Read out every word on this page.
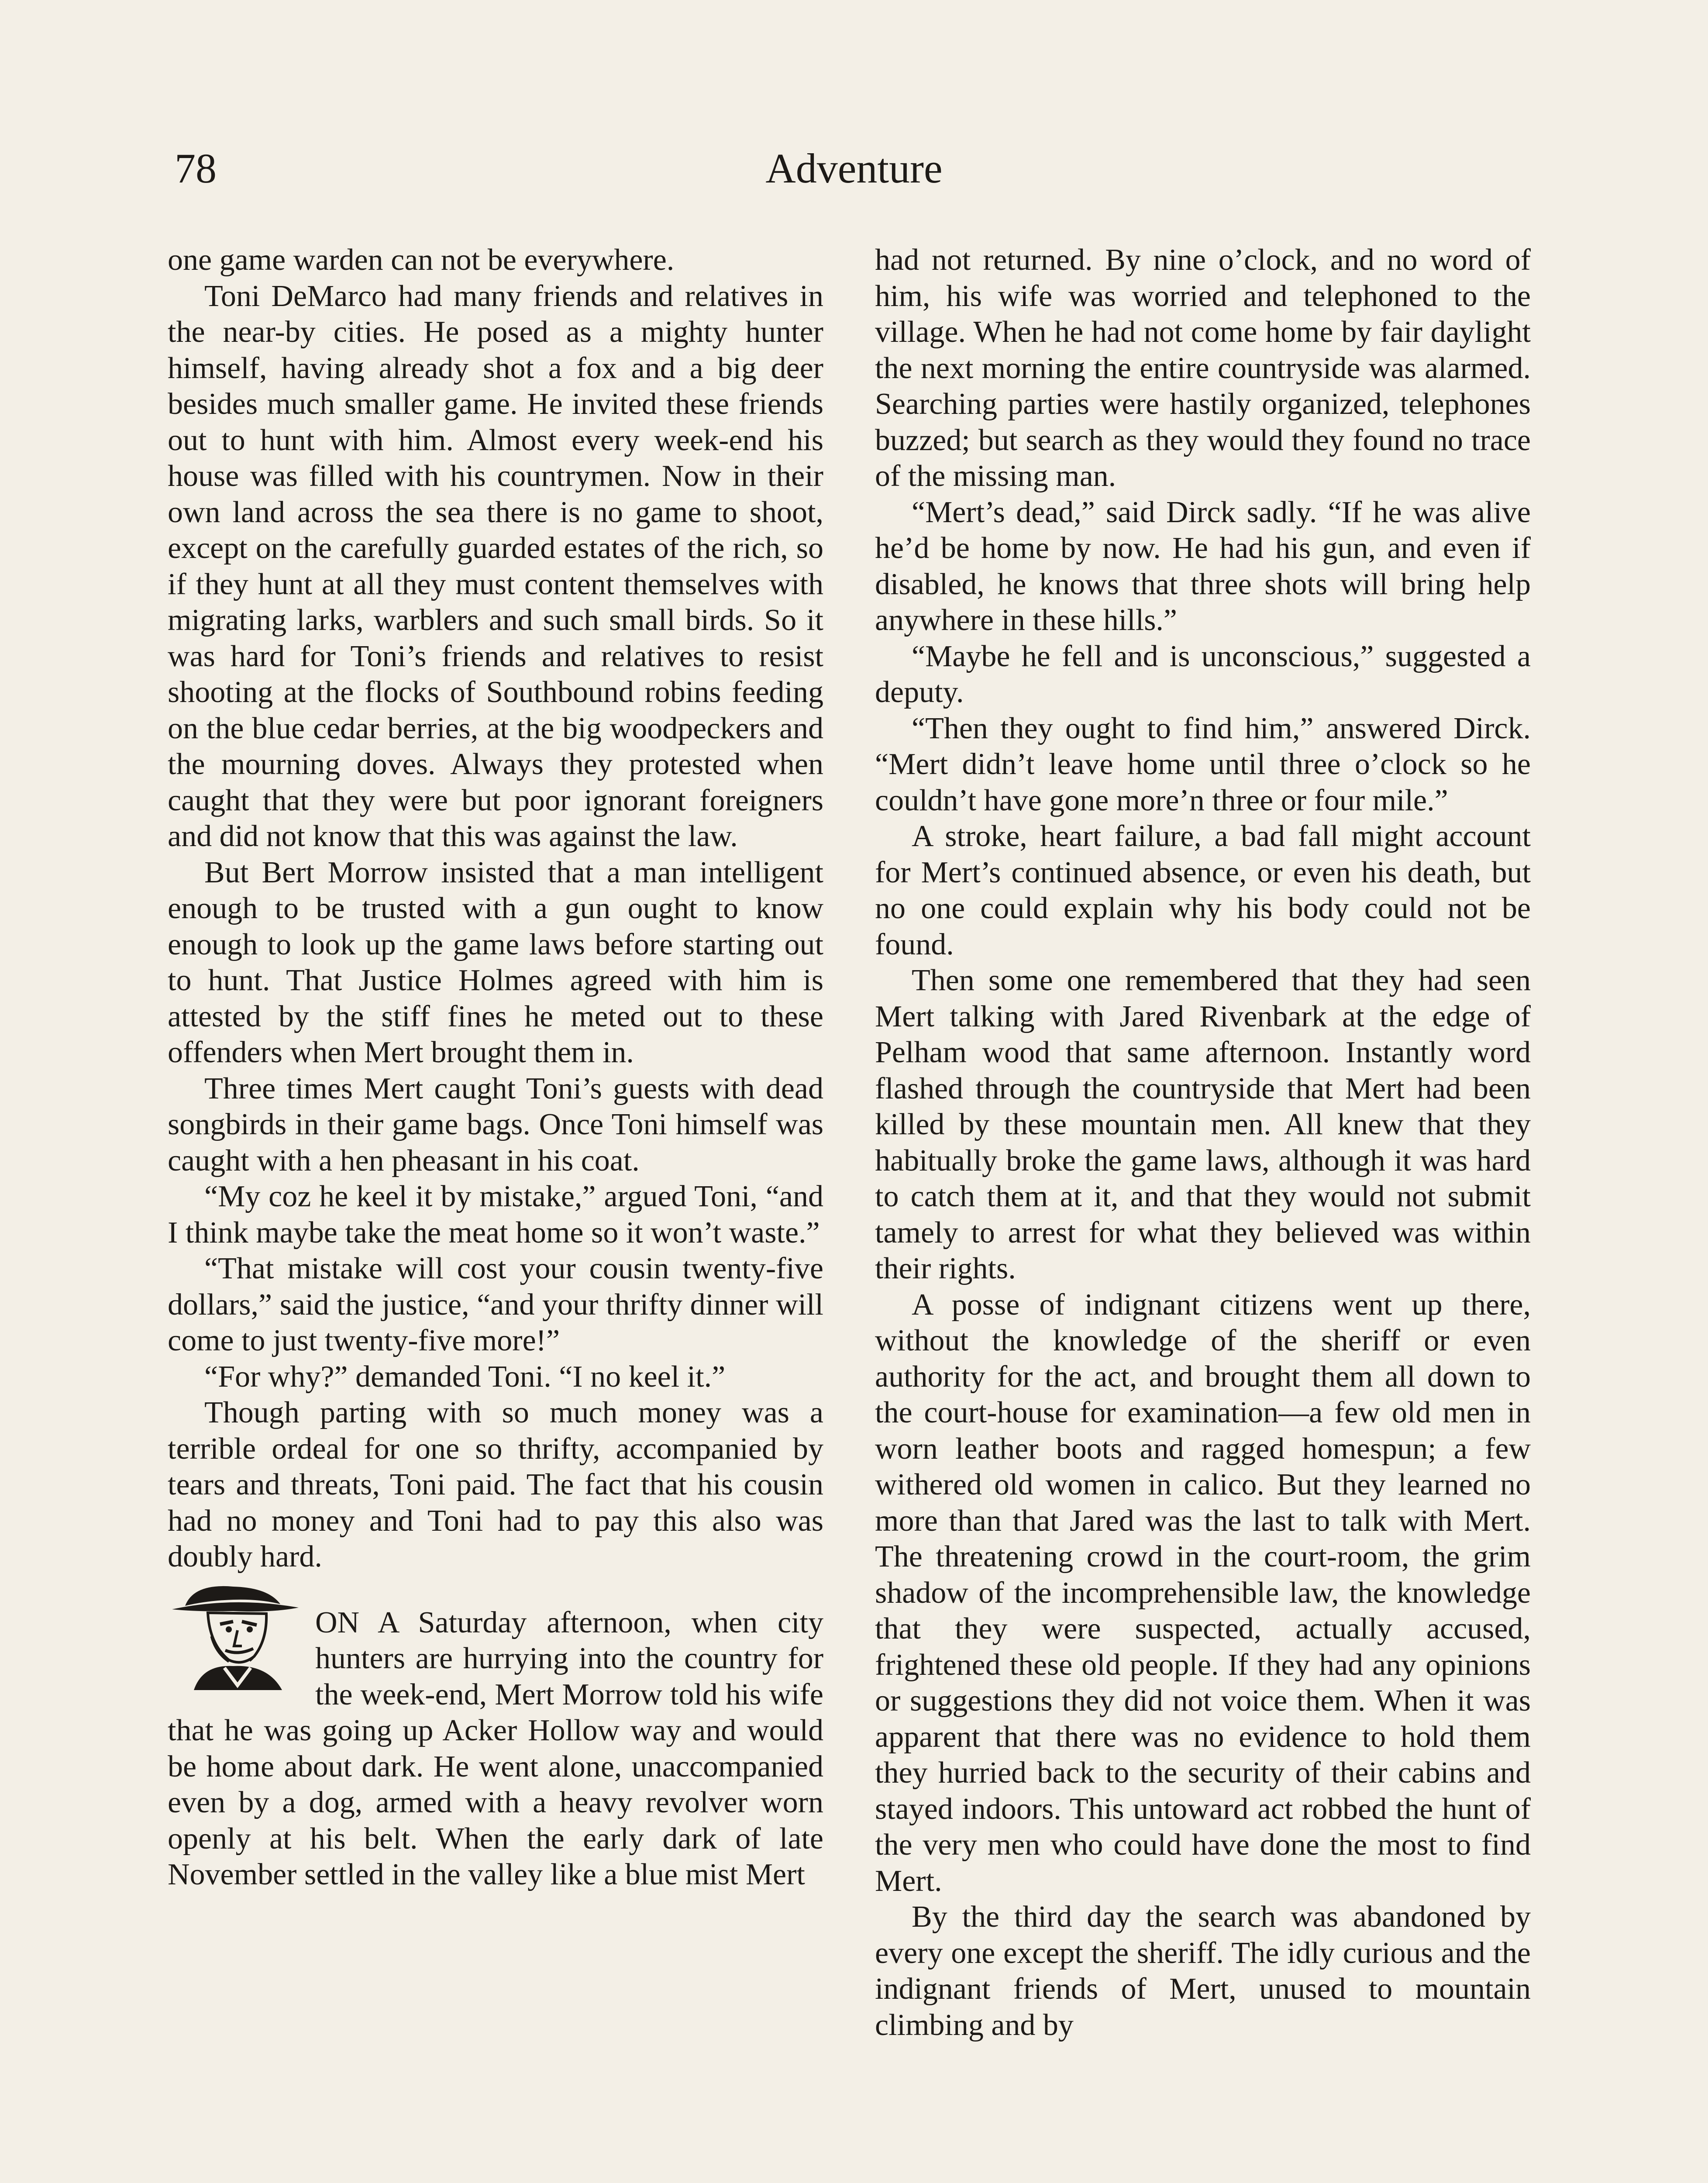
78	Adventure

one game warden can not be everywhere.

Toni DeMarco had many friends and relatives in the near-by cities. He posed as a mighty hunter himself, having already shot a fox and a big deer besides much smaller game. He invited these friends out to hunt with him. Almost every week-end his house was filled with his countrymen. Now in their own land across the sea there is no game to shoot, except on the carefully guarded estates of the rich, so if they hunt at all they must content themselves with migrating larks, warblers and such small birds. So it was hard for Toni’s friends and relatives to resist shooting at the flocks of Southbound robins feeding on the blue cedar berries, at the big woodpeckers and the mourning doves. Always they protested when caught that they were but poor ignorant foreigners and did not know that this was against the law.

But Bert Morrow insisted that a man intelligent enough to be trusted with a gun ought to know enough to look up the game laws before starting out to hunt. That Justice Holmes agreed with him is attested by the stiff fines he meted out to these offenders when Mert brought them in.

Three times Mert caught Toni’s guests with dead songbirds in their game bags. Once Toni himself was caught with a hen pheasant in his coat.

“My coz he keel it by mistake,” argued Toni, “and I think maybe take the meat home so it won’t waste.”

“That mistake will cost your cousin twenty-five dollars,” said the justice, “and your thrifty dinner will come to just twenty-five more!”

“For why?” demanded Toni. “I no keel it.”

Though parting with so much money was a terrible ordeal for one so thrifty, accompanied by tears and threats, Toni paid. The fact that his cousin had no money and Toni had to pay this also was doubly hard.

ON A Saturday afternoon, when city hunters are hurrying into the country for the week-end, Mert Morrow told his wife that he was going up Acker Hollow way and would be home about dark. He went alone, unaccompanied even by a dog, armed with a heavy revolver worn openly at his belt. When the early dark of late November settled in the valley like a blue mist Mert

had not returned. By nine o’clock, and no word of him, his wife was worried and telephoned to the village. When he had not come home by fair daylight the next morning the entire countryside was alarmed. Searching parties were hastily organized, telephones buzzed; but search as they would they found no trace of the missing man.

“Mert’s dead,” said Dirck sadly. “If he was alive he’d be home by now. He had his gun, and even if disabled, he knows that three shots will bring help anywhere in these hills.”

“Maybe he fell and is unconscious,” suggested a deputy.

“Then they ought to find him,” answered Dirck. “Mert didn’t leave home until three o’clock so he couldn’t have gone more’n three or four mile.”

A stroke, heart failure, a bad fall might account for Mert’s continued absence, or even his death, but no one could explain why his body could not be found.

Then some one remembered that they had seen Mert talking with Jared Rivenbark at the edge of Pelham wood that same afternoon. Instantly word flashed through the countryside that Mert had been killed by these mountain men. All knew that they habitually broke the game laws, although it was hard to catch them at it, and that they would not submit tamely to arrest for what they believed was within their rights.

A posse of indignant citizens went up there, without the knowledge of the sheriff or even authority for the act, and brought them all down to the court-house for examination—a few old men in worn leather boots and ragged homespun; a few withered old women in calico. But they learned no more than that Jared was the last to talk with Mert. The threatening crowd in the court-room, the grim shadow of the incomprehensible law, the knowledge that they were suspected, actually accused, frightened these old people. If they had any opinions or suggestions they did not voice them. When it was apparent that there was no evidence to hold them they hurried back to the security of their cabins and stayed indoors. This untoward act robbed the hunt of the very men who could have done the most to find Mert.

By the third day the search was abandoned by every one except the sheriff. The idly curious and the indignant friends of Mert, unused to mountain climbing and by
